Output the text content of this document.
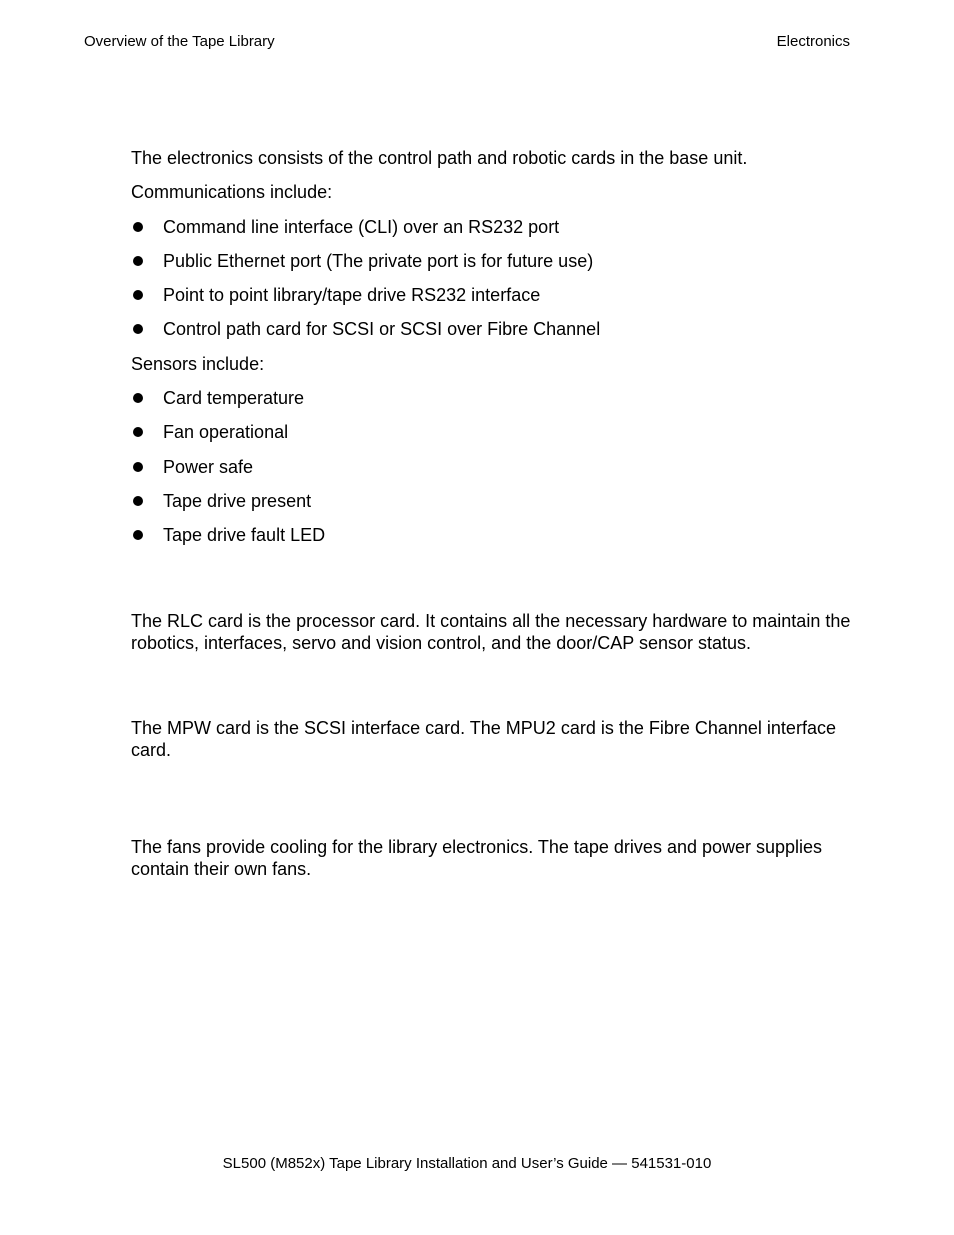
Overview of the Tape Library	Electronics

The electronics consists of the control path and robotic cards in the base unit.

Communications include:

Command line interface (CLI) over an RS232 port
Public Ethernet port (The private port is for future use)
Point to point library/tape drive RS232 interface
Control path card for SCSI or SCSI over Fibre Channel

Sensors include:

Card temperature
Fan operational
Power safe
Tape drive present
Tape drive fault LED

The RLC card is the processor card. It contains all the necessary hardware to maintain the robotics, interfaces, servo and vision control, and the door/CAP sensor status.

The MPW card is the SCSI interface card. The MPU2 card is the Fibre Channel interface card.

The fans provide cooling for the library electronics. The tape drives and power supplies contain their own fans.

SL500 (M852x) Tape Library Installation and User’s Guide — 541531-010
